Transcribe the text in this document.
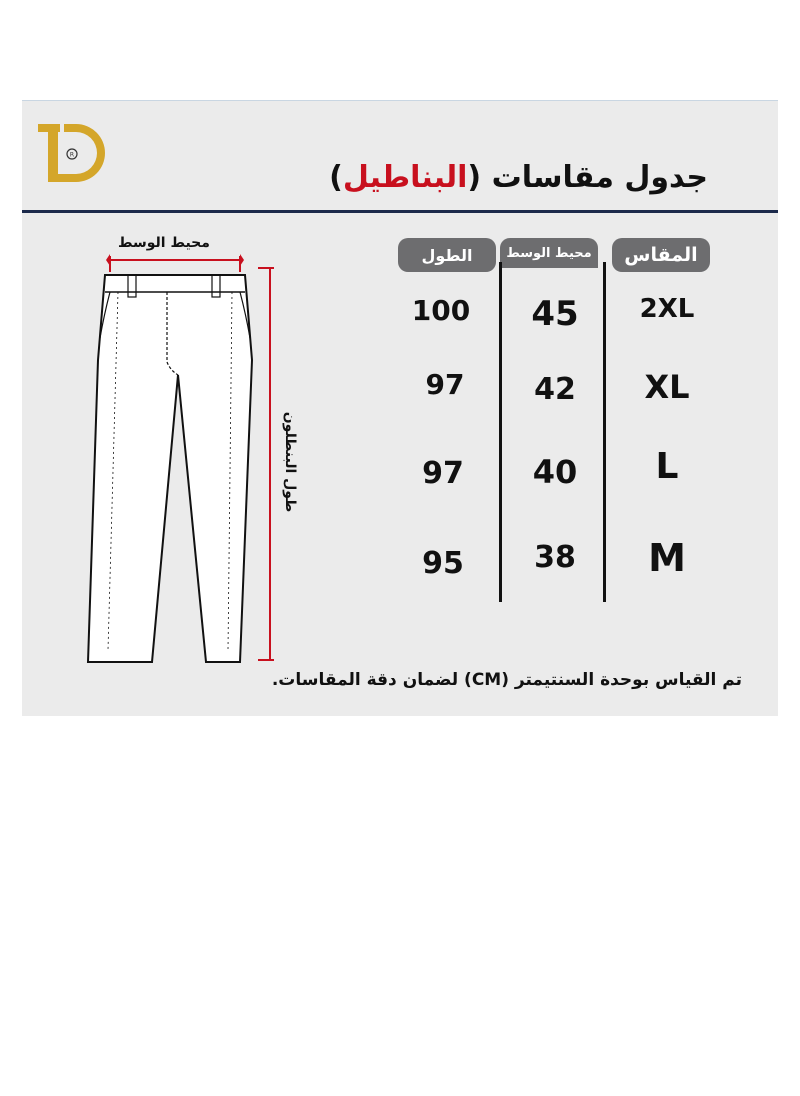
R
جدول مقاسات (البناطيل)
محيط الوسط
طول البنطلون
المقاس
محيط الوسط
الطول
2XL
45
100
XL
42
97
L
40
97
M
38
95
تم القياس بوحدة السنتيمتر (CM) لضمان دقة المقاسات.
